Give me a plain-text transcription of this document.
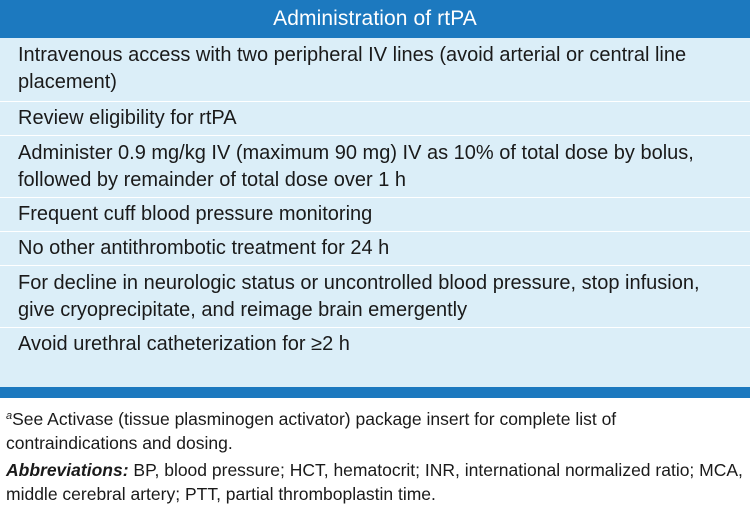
Administration of rtPA
Intravenous access with two peripheral IV lines (avoid arterial or central line placement)
Review eligibility for rtPA
Administer 0.9 mg/kg IV (maximum 90 mg) IV as 10% of total dose by bolus, followed by remainder of total dose over 1 h
Frequent cuff blood pressure monitoring
No other antithrombotic treatment for 24 h
For decline in neurologic status or uncontrolled blood pressure, stop infusion, give cryoprecipitate, and reimage brain emergently
Avoid urethral catheterization for ≥2 h

$^a$See Activase (tissue plasminogen activator) package insert for complete list of contraindications and dosing.

Abbreviations: BP, blood pressure; HCT, hematocrit; INR, international normalized ratio; MCA, middle cerebral artery; PTT, partial thromboplastin time.
